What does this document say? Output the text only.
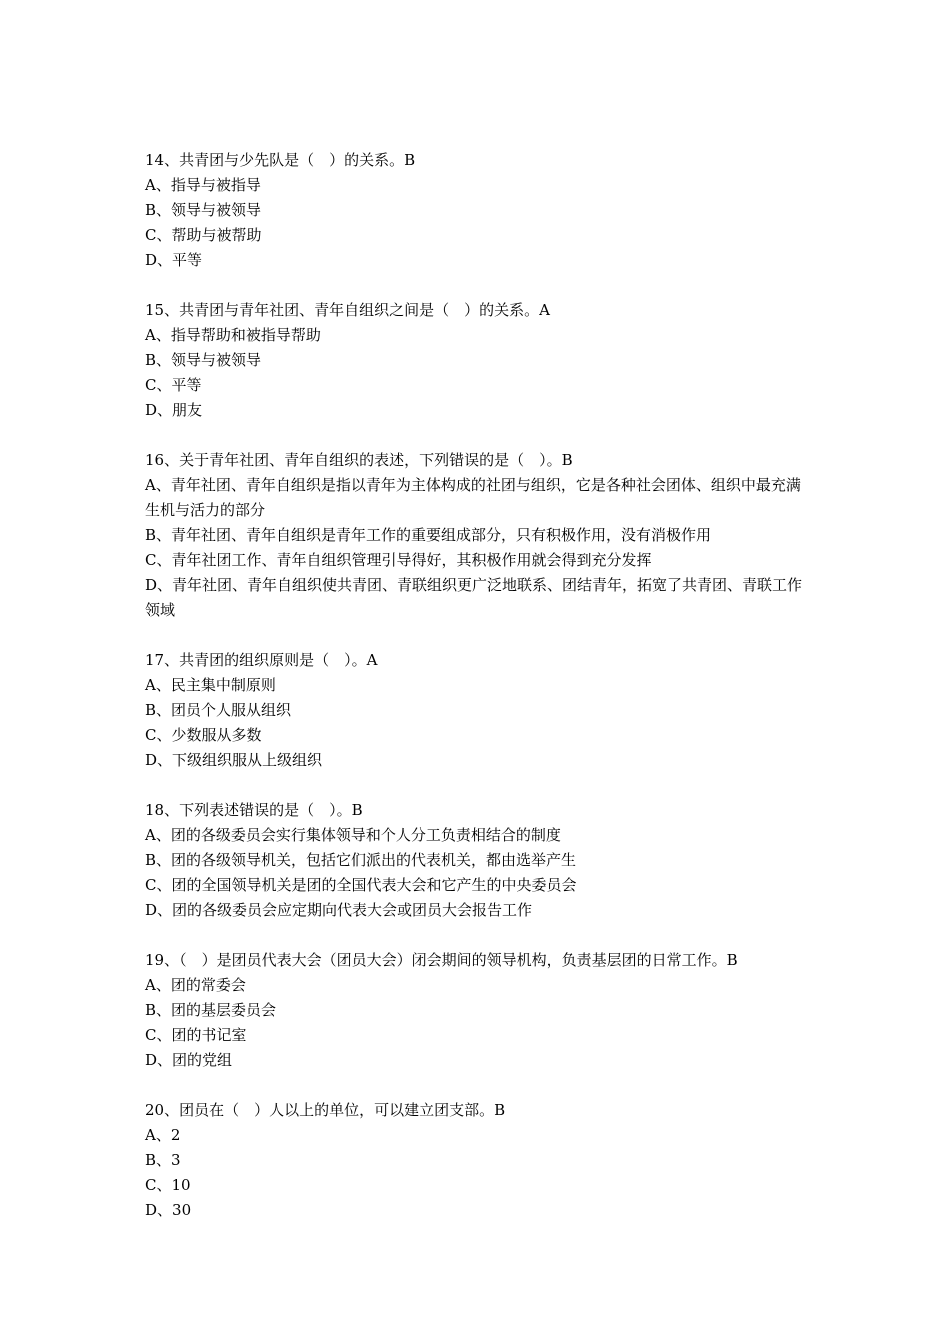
14、共青团与少先队是（　）的关系。B
A、指导与被指导
B、领导与被领导
C、帮助与被帮助
D、平等
15、共青团与青年社团、青年自组织之间是（　）的关系。A
A、指导帮助和被指导帮助
B、领导与被领导
C、平等
D、朋友
16、关于青年社团、青年自组织的表述，下列错误的是（　）。B
A、青年社团、青年自组织是指以青年为主体构成的社团与组织，它是各种社会团体、组织中最充满生机与活力的部分
B、青年社团、青年自组织是青年工作的重要组成部分，只有积极作用，没有消极作用
C、青年社团工作、青年自组织管理引导得好，其积极作用就会得到充分发挥
D、青年社团、青年自组织使共青团、青联组织更广泛地联系、团结青年，拓宽了共青团、青联工作领域
17、共青团的组织原则是（　）。A
A、民主集中制原则
B、团员个人服从组织
C、少数服从多数
D、下级组织服从上级组织
18、下列表述错误的是（　）。B
A、团的各级委员会实行集体领导和个人分工负责相结合的制度
B、团的各级领导机关，包括它们派出的代表机关，都由选举产生
C、团的全国领导机关是团的全国代表大会和它产生的中央委员会
D、团的各级委员会应定期向代表大会或团员大会报告工作
19、（　）是团员代表大会（团员大会）闭会期间的领导机构，负责基层团的日常工作。B
A、团的常委会
B、团的基层委员会
C、团的书记室
D、团的党组
20、团员在（　）人以上的单位，可以建立团支部。B
A、2
B、3
C、10
D、30
